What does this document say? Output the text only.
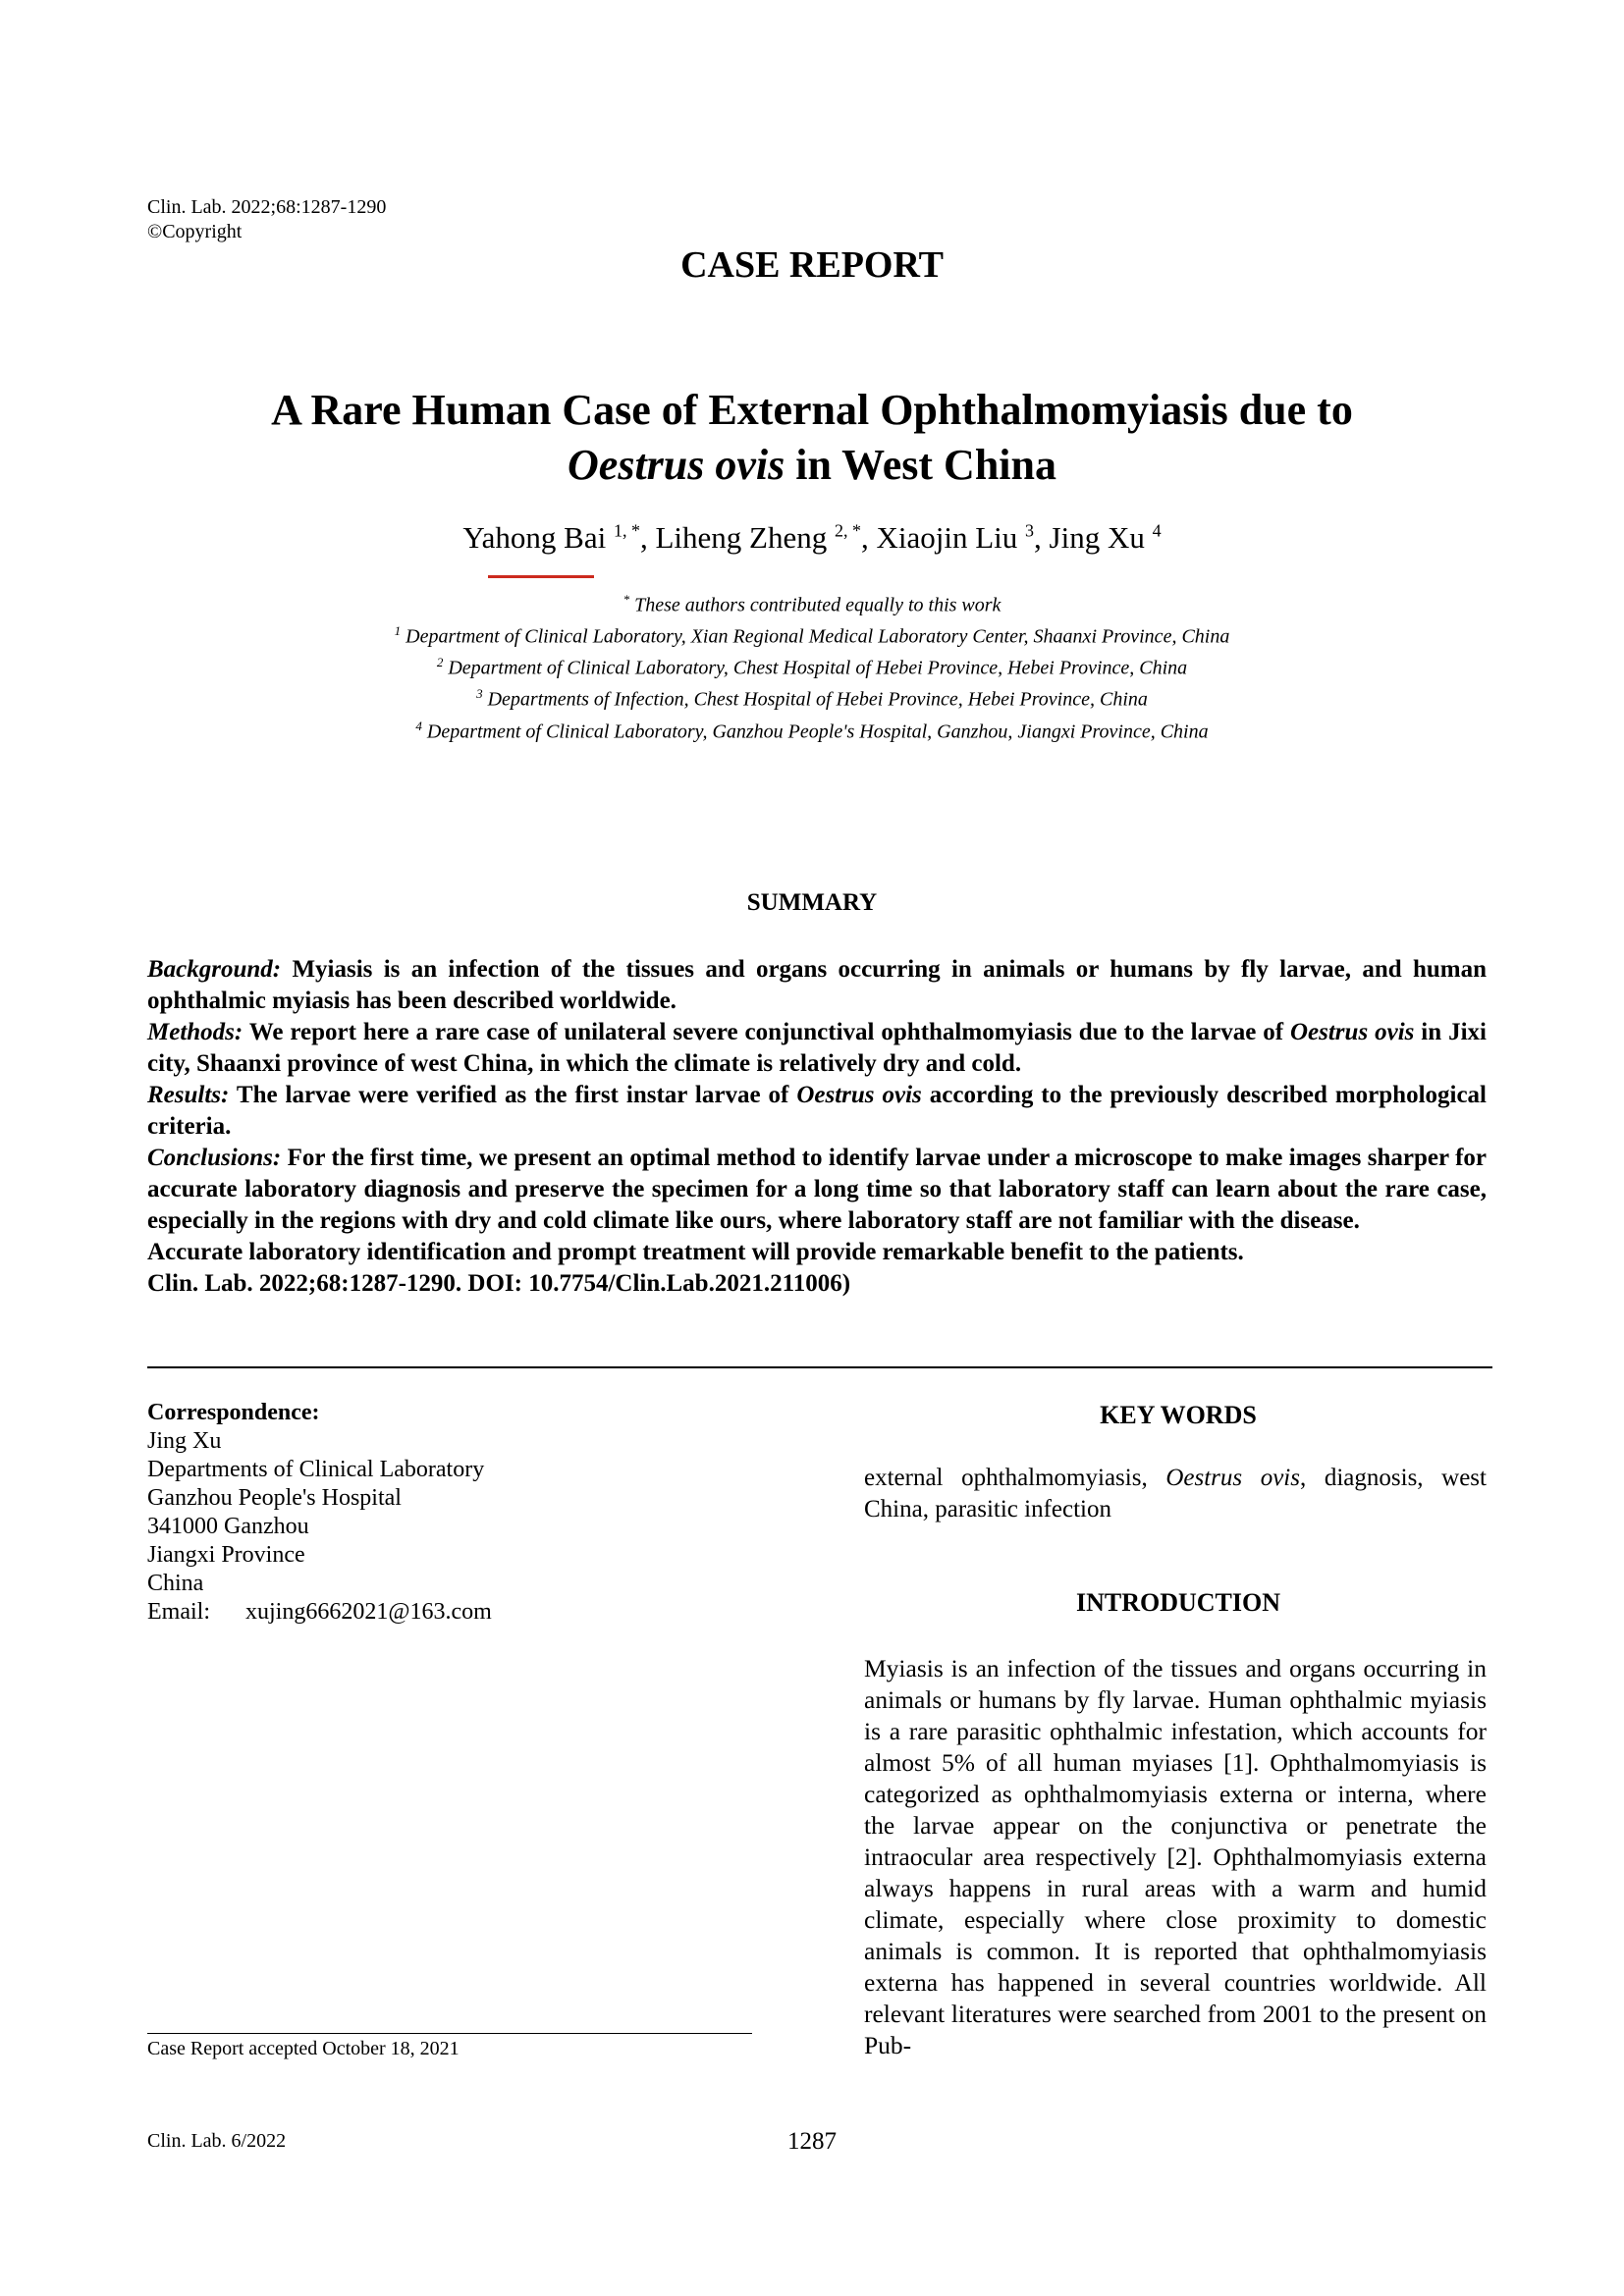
Clin. Lab. 2022;68:1287-1290
©Copyright
CASE REPORT
A Rare Human Case of External Ophthalmomyiasis due to
Oestrus ovis in West China
Yahong Bai $^{1, *}$, Liheng Zheng $^{2, *}$, Xiaojin Liu $^3$, Jing Xu $^4$
* These authors contributed equally to this work
$^1$ Department of Clinical Laboratory, Xian Regional Medical Laboratory Center, Shaanxi Province, China
$^2$ Department of Clinical Laboratory, Chest Hospital of Hebei Province, Hebei Province, China
$^3$ Departments of Infection, Chest Hospital of Hebei Province, Hebei Province, China
$^4$ Department of Clinical Laboratory, Ganzhou People's Hospital, Ganzhou, Jiangxi Province, China
SUMMARY

Background: Myiasis is an infection of the tissues and organs occurring in animals or humans by fly larvae, and human ophthalmic myiasis has been described worldwide.

Methods: We report here a rare case of unilateral severe conjunctival ophthalmomyiasis due to the larvae of Oestrus ovis in Jixi city, Shaanxi province of west China, in which the climate is relatively dry and cold.

Results: The larvae were verified as the first instar larvae of Oestrus ovis according to the previously described morphological criteria.

Conclusions: For the first time, we present an optimal method to identify larvae under a microscope to make images sharper for accurate laboratory diagnosis and preserve the specimen for a long time so that laboratory staff can learn about the rare case, especially in the regions with dry and cold climate like ours, where laboratory staff are not familiar with the disease.

Accurate laboratory identification and prompt treatment will provide remarkable benefit to the patients.

Clin. Lab. 2022;68:1287-1290. DOI: 10.7754/Clin.Lab.2021.211006)

Correspondence:
Jing Xu
Departments of Clinical Laboratory
Ganzhou People's Hospital
341000 Ganzhou
Jiangxi Province
China
Email: xujing6662021@163.com
KEY WORDS
external ophthalmomyiasis, Oestrus ovis, diagnosis, west China, parasitic infection
INTRODUCTION
Myiasis is an infection of the tissues and organs occurring in animals or humans by fly larvae. Human ophthalmic myiasis is a rare parasitic ophthalmic infestation, which accounts for almost 5% of all human myiases [1]. Ophthalmomyiasis is categorized as ophthalmomyiasis externa or interna, where the larvae appear on the conjunctiva or penetrate the intraocular area respectively [2]. Ophthalmomyiasis externa always happens in rural areas with a warm and humid climate, especially where close proximity to domestic animals is common. It is reported that ophthalmomyiasis externa has happened in several countries worldwide. All relevant literatures were searched from 2001 to the present on Pub-
Case Report accepted October 18, 2021
Clin. Lab. 6/2022	1287
